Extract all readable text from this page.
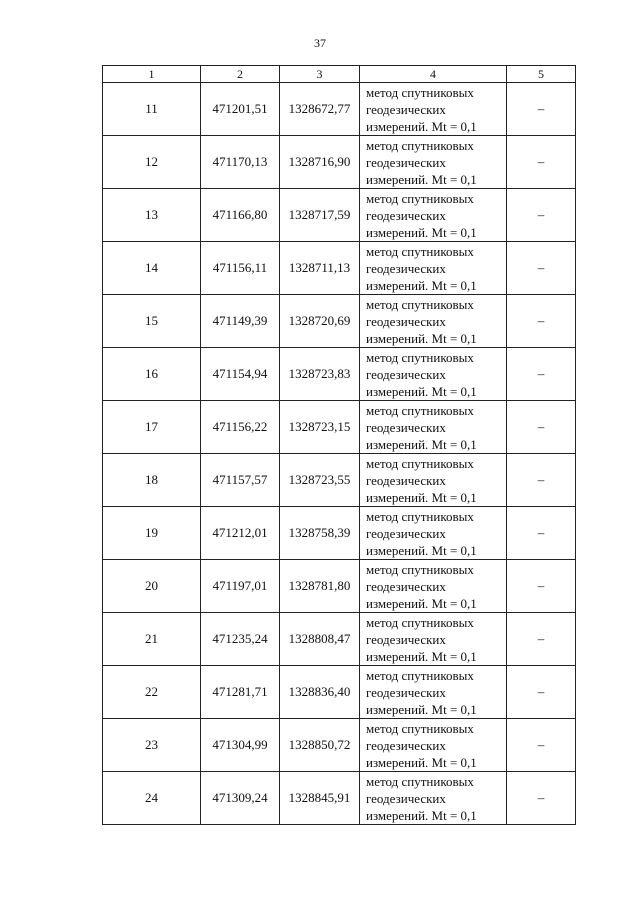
37
1	2	3	4	5
11	471201,51	1328672,77	метод спутниковых
геодезических
измерений. Mt = 0,1	–
12	471170,13	1328716,90	метод спутниковых
геодезических
измерений. Mt = 0,1	–
13	471166,80	1328717,59	метод спутниковых
геодезических
измерений. Mt = 0,1	–
14	471156,11	1328711,13	метод спутниковых
геодезических
измерений. Mt = 0,1	–
15	471149,39	1328720,69	метод спутниковых
геодезических
измерений. Mt = 0,1	–
16	471154,94	1328723,83	метод спутниковых
геодезических
измерений. Mt = 0,1	–
17	471156,22	1328723,15	метод спутниковых
геодезических
измерений. Mt = 0,1	–
18	471157,57	1328723,55	метод спутниковых
геодезических
измерений. Mt = 0,1	–
19	471212,01	1328758,39	метод спутниковых
геодезических
измерений. Mt = 0,1	–
20	471197,01	1328781,80	метод спутниковых
геодезических
измерений. Mt = 0,1	–
21	471235,24	1328808,47	метод спутниковых
геодезических
измерений. Mt = 0,1	–
22	471281,71	1328836,40	метод спутниковых
геодезических
измерений. Mt = 0,1	–
23	471304,99	1328850,72	метод спутниковых
геодезических
измерений. Mt = 0,1	–
24	471309,24	1328845,91	метод спутниковых
геодезических
измерений. Mt = 0,1	–
